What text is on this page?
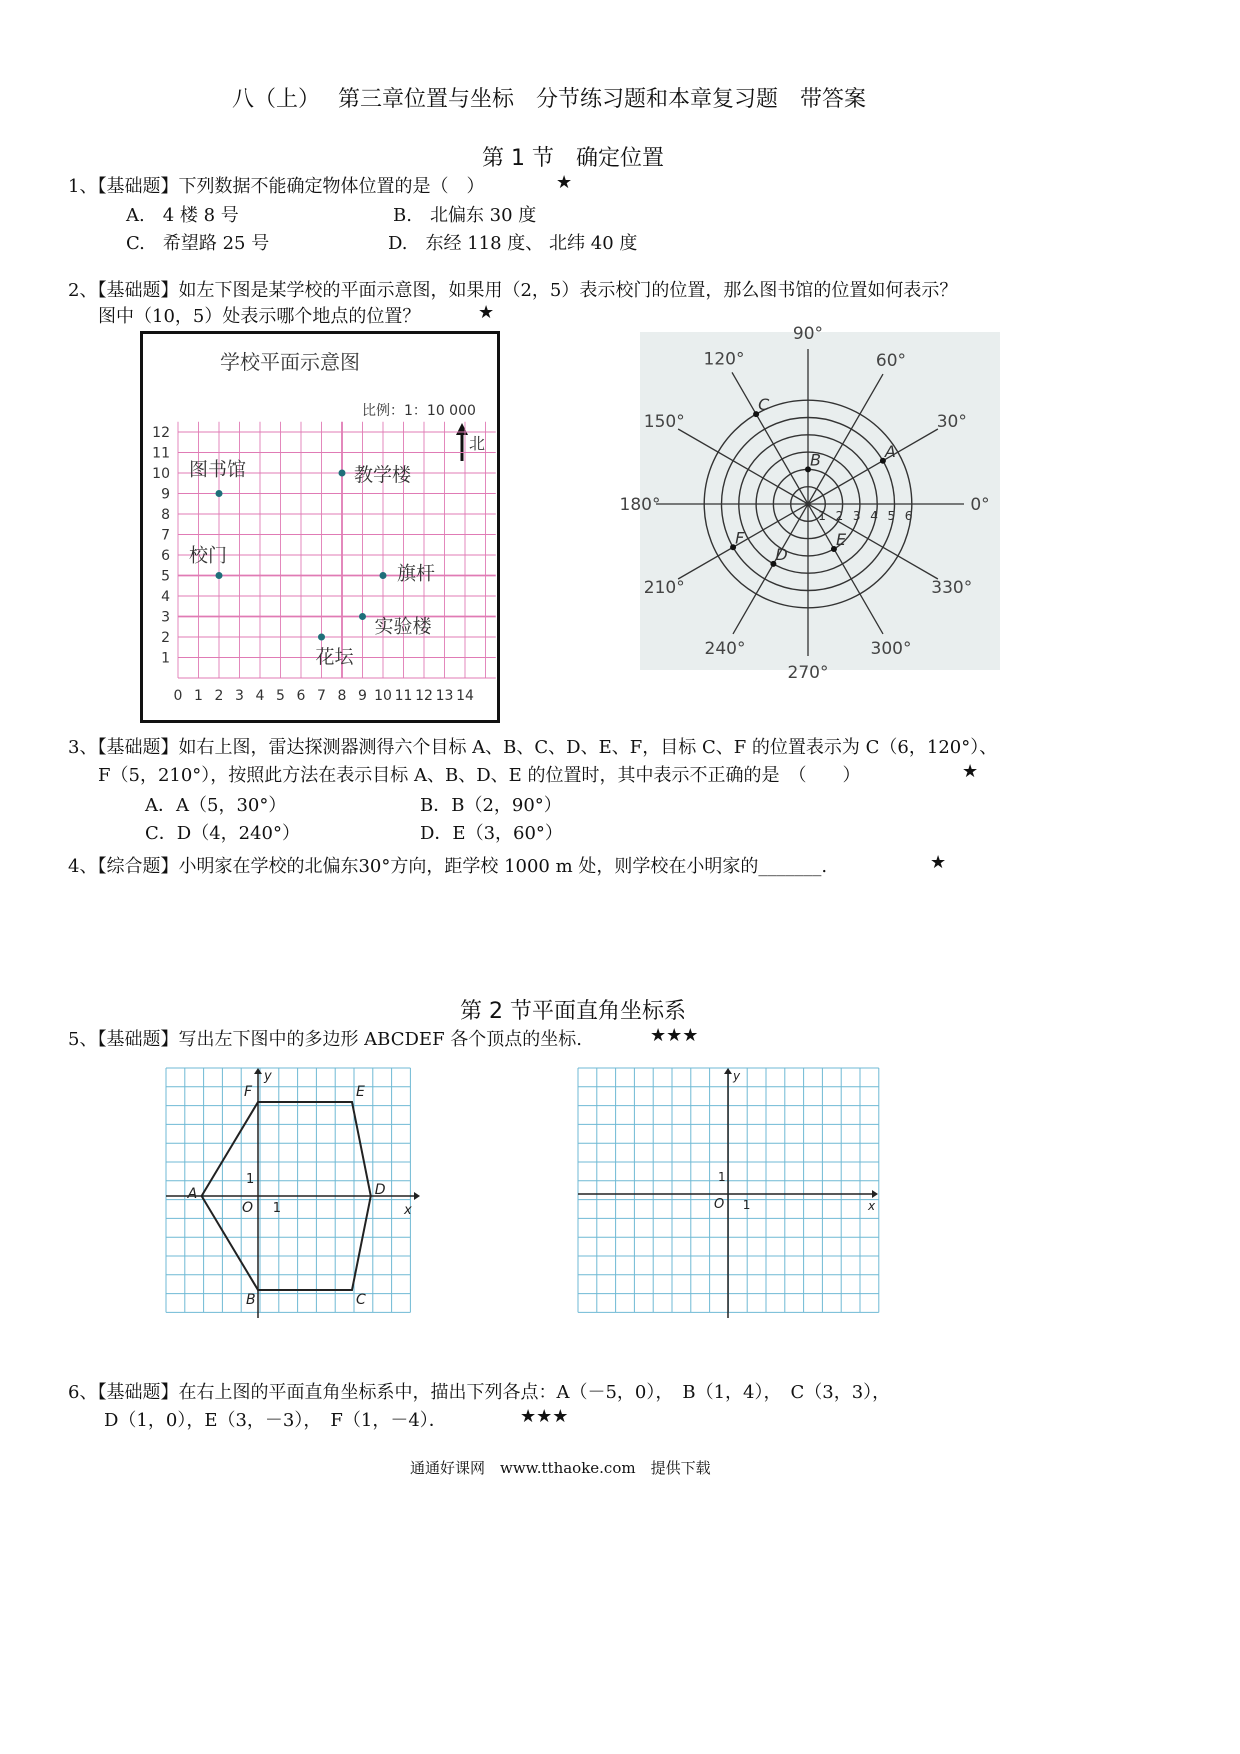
八（上）　 第三章位置与坐标　分节练习题和本章复习题　带答案
第 1 节　确定位置
1、【基础题】下列数据不能确定物体位置的是（　）	★
A.　4 楼 8 号	B.　北偏东 30 度
C.　希望路 25 号	D.　东经 118 度、 北纬 40 度
2、【基础题】如左下图是某学校的平面示意图，如果用（2，5）表示校门的位置，那么图书馆的位置如何表示？
图中（10，5）处表示哪个地点的位置？	★
学校平面示意图
比例：1：10 000
北
0 1 2 3 4 5 6 7 8 9 10 11 12 13 14
1
2
3
4
5
6
7
8
9
10
11
12
图书馆	教学楼
校门
旗杆
实验楼
花坛
0°
30°
60°
90°
120°
150°
180°
210°
240°
270°
300°
330°
1 2 3 4 5 6
A
B
C
D
E
F
3、【基础题】如右上图，雷达探测器测得六个目标 A、B、C、D、E、F，目标 C、F 的位置表示为 C（6，120°）、
F（5，210°），按照此方法在表示目标 A、B、D、E 的位置时，其中表示不正确的是　（　　）	★
A．A（5，30°）	B．B（2，90°）
C．D（4，240°）	D．E（3，60°）
4、【综合题】小明家在学校的北偏东30°方向，距学校 1000 m 处，则学校在小明家的_______.	★
第 2 节平面直角坐标系
5、【基础题】写出左下图中的多边形 ABCDEF 各个顶点的坐标.	★★★
x
y
O 1
1
A
B	C
D
E
F
x
y
O 1
1
6、【基础题】在右上图的平面直角坐标系中，描出下列各点：A（－5，0），　B（1，4），　C（3，3），
D（1，0），E（3，－3），　F（1，－4）．	★★★
通通好课网　www.tthaoke.com　提供下载
